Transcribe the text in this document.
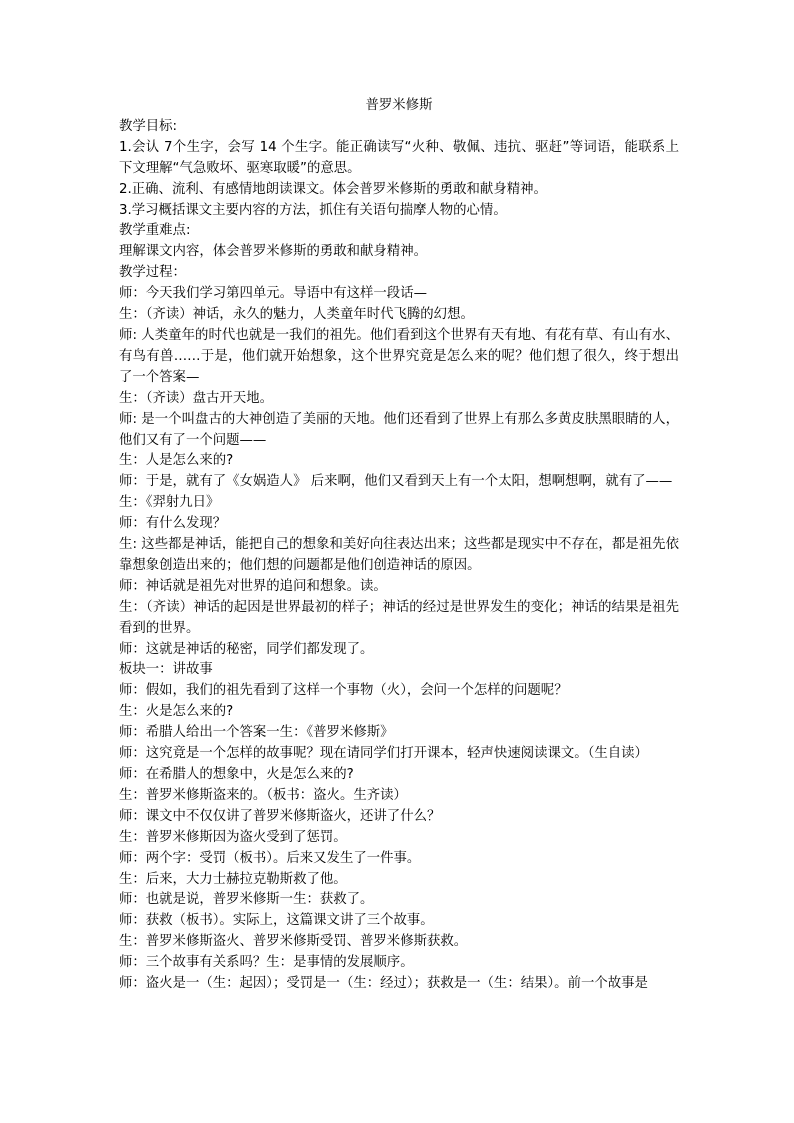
普罗米修斯

教学目标:

1.会认 7个生字，会写 14 个生字。能正确读写“火种、敬佩、违抗、驱赶”等词语，能联系上下文理解“气急败坏、驱寒取暖”的意思。

2.正确、流利、有感情地朗读课文。体会普罗米修斯的勇敢和献身精神。

3.学习概括课文主要内容的方法，抓住有关语句揣摩人物的心情。

教学重难点:

理解课文内容，体会普罗米修斯的勇敢和献身精神。

教学过程：

师：今天我们学习第四单元。导语中有这样一段话—

生：（齐读）神话，永久的魅力，人类童年时代飞腾的幻想。

师: 人类童年的时代也就是一我们的祖先。他们看到这个世界有天有地、有花有草、有山有水、有鸟有兽……于是，他们就开始想象，这个世界究竟是怎么来的呢？他们想了很久，终于想出了一个答案—

生：（齐读）盘古开天地。

师: 是一个叫盘古的大神创造了美丽的天地。他们还看到了世界上有那么多黄皮肤黑眼睛的人，他们又有了一个问题——

生：人是怎么来的?

师：于是，就有了《女娲造人》 后来啊，他们又看到天上有一个太阳，想啊想啊，就有了——

生：《羿射九日》

师：有什么发现？

生: 这些都是神话，能把自己的想象和美好向往表达出来；这些都是现实中不存在，都是祖先依靠想象创造出来的；他们想的问题都是他们创造神话的原因。

师：神话就是祖先对世界的追问和想象。读。

生：（齐读）神话的起因是世界最初的样子；神话的经过是世界发生的变化；神话的结果是祖先看到的世界。

师：这就是神话的秘密，同学们都发现了。

板块一：讲故事

师：假如，我们的祖先看到了这样一个事物（火），会问一个怎样的问题呢？

生：火是怎么来的?

师：希腊人给出一个答案一生：《普罗米修斯》

师：这究竟是一个怎样的故事呢？现在请同学们打开课本，轻声快速阅读课文。（生自读）

师：在希腊人的想象中，火是怎么来的?

生：普罗米修斯盗来的。（板书：盗火。生齐读）

师：课文中不仅仅讲了普罗米修斯盗火，还讲了什么？

生：普罗米修斯因为盗火受到了惩罚。

师：两个字：受罚（板书）。后来又发生了一件事。

生：后来，大力士赫拉克勒斯救了他。

师：也就是说，普罗米修斯一生：获救了。

师：获救（板书）。实际上，这篇课文讲了三个故事。

生：普罗米修斯盗火、普罗米修斯受罚、普罗米修斯获救。

师：三个故事有关系吗？生：是事情的发展顺序。

师：盗火是一（生：起因）；受罚是一（生：经过）；获救是一（生：结果）。前一个故事是
